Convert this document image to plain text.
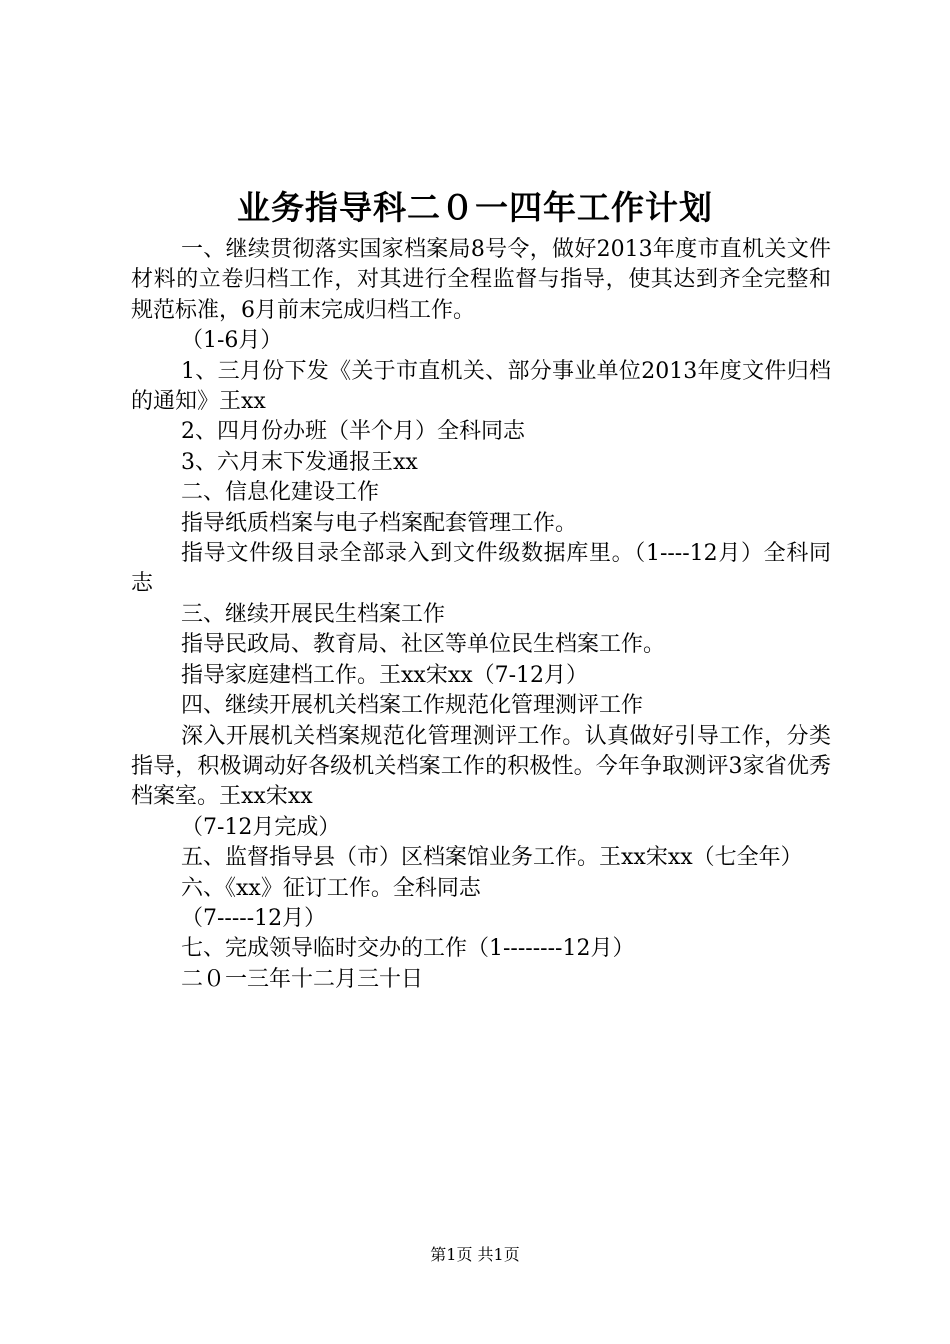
业务指导科二０一四年工作计划

一、继续贯彻落实国家档案局8号令，做好2013年度市直机关文件材料的立卷归档工作，对其进行全程监督与指导，使其达到齐全完整和规范标准，6月前末完成归档工作。

（1-6月）

1、三月份下发《关于市直机关、部分事业单位2013年度文件归档的通知》王xx

2、四月份办班（半个月）全科同志

3、六月末下发通报王xx

二、信息化建设工作

指导纸质档案与电子档案配套管理工作。

指导文件级目录全部录入到文件级数据库里。（1----12月）全科同志

三、继续开展民生档案工作

指导民政局、教育局、社区等单位民生档案工作。

指导家庭建档工作。王xx宋xx（7-12月）

四、继续开展机关档案工作规范化管理测评工作

深入开展机关档案规范化管理测评工作。认真做好引导工作，分类指导，积极调动好各级机关档案工作的积极性。今年争取测评3家省优秀档案室。王xx宋xx

（7-12月完成）

五、监督指导县（市）区档案馆业务工作。王xx宋xx（七全年）

六、《xx》征订工作。全科同志

（7-----12月）

七、完成领导临时交办的工作（1--------12月）

二０一三年十二月三十日

第1页 共1页
